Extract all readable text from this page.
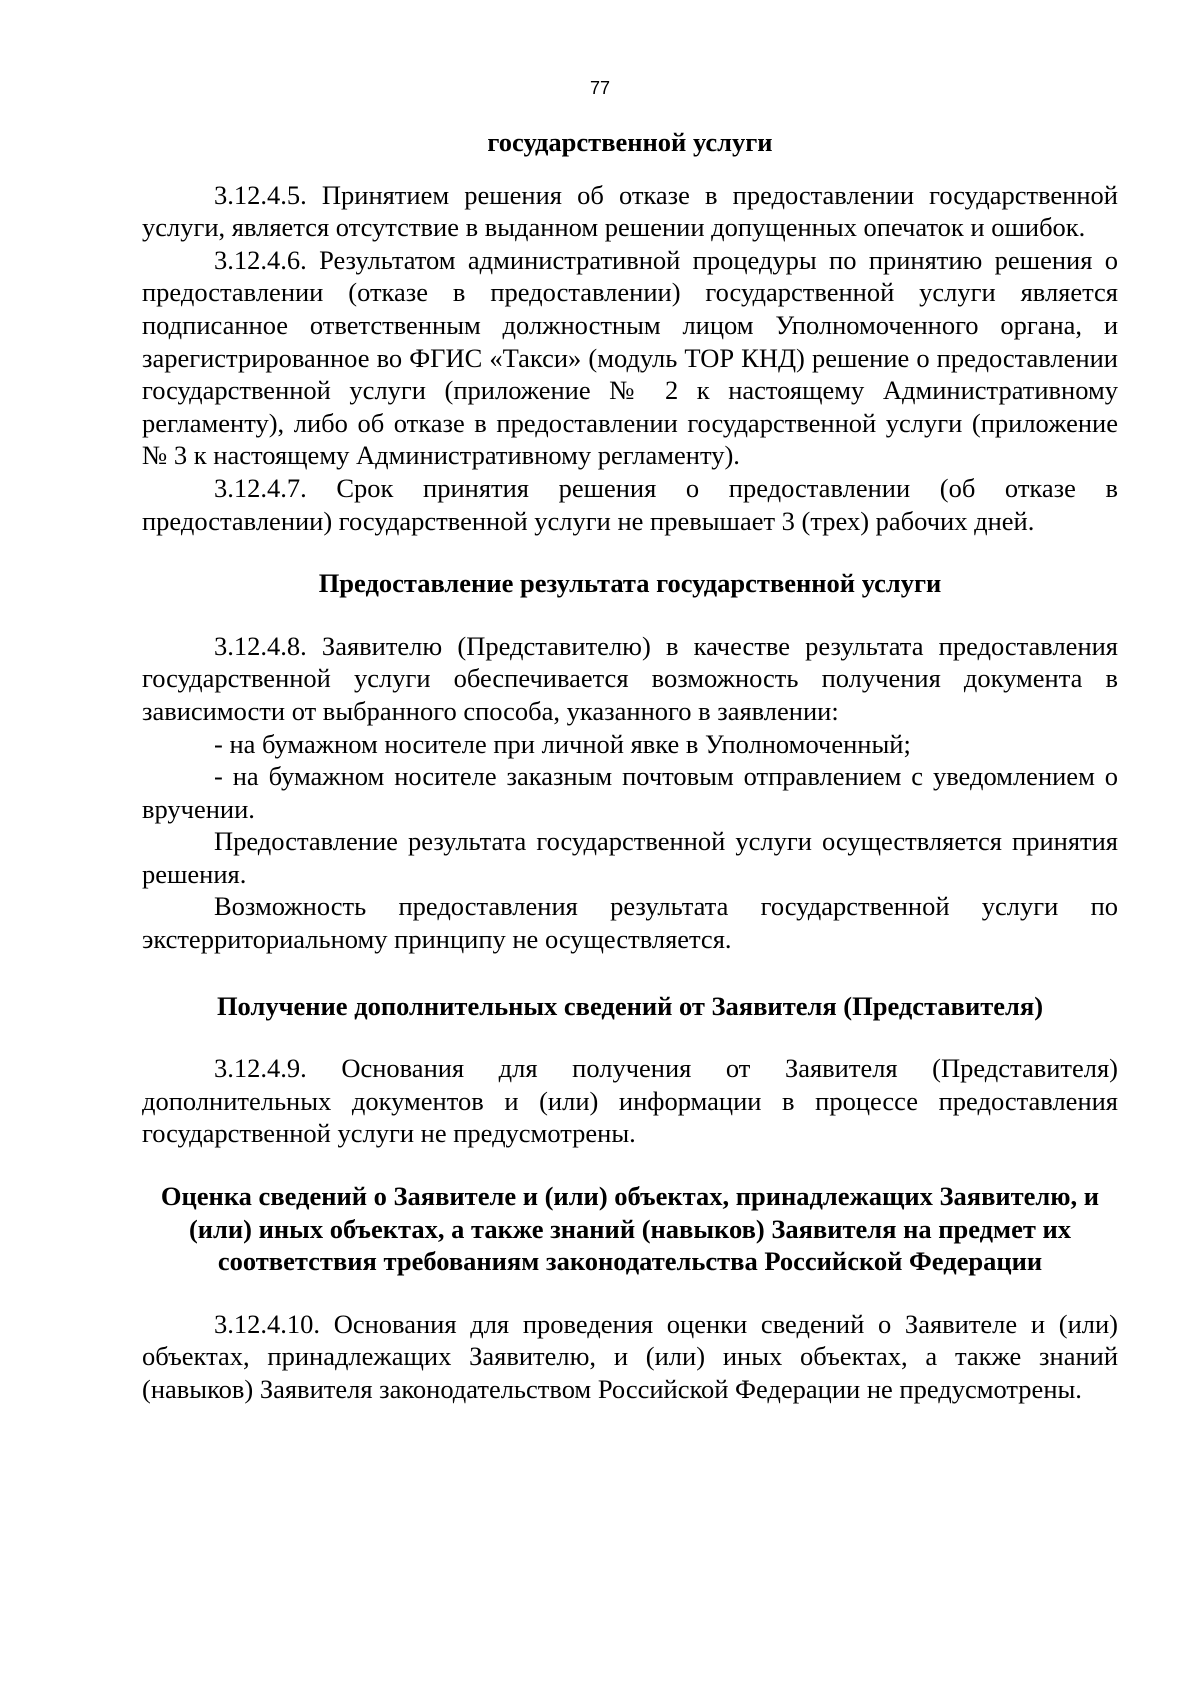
77
государственной услуги

3.12.4.5. Принятием решения об отказе в предоставлении государственной услуги, является отсутствие в выданном решении допущенных опечаток и ошибок.

3.12.4.6. Результатом административной процедуры по принятию решения о предоставлении (отказе в предоставлении) государственной услуги является подписанное ответственным должностным лицом Уполномоченного органа, и зарегистрированное во ФГИС «Такси» (модуль ТОР КНД) решение о предоставлении государственной услуги (приложение № 2 к настоящему Административному регламенту), либо об отказе в предоставлении государственной услуги (приложение № 3 к настоящему Административному регламенту).

3.12.4.7. Срок принятия решения о предоставлении (об отказе в предоставлении) государственной услуги не превышает 3 (трех) рабочих дней.

Предоставление результата государственной услуги

3.12.4.8. Заявителю (Представителю) в качестве результата предоставления государственной услуги обеспечивается возможность получения документа в зависимости от выбранного способа, указанного в заявлении:

- на бумажном носителе при личной явке в Уполномоченный;

- на бумажном носителе заказным почтовым отправлением с уведомлением о вручении.

Предоставление результата государственной услуги осуществляется принятия решения.

Возможность предоставления результата государственной услуги по экстерриториальному принципу не осуществляется.

Получение дополнительных сведений от Заявителя (Представителя)

3.12.4.9. Основания для получения от Заявителя (Представителя) дополнительных документов и (или) информации в процессе предоставления государственной услуги не предусмотрены.

Оценка сведений о Заявителе и (или) объектах, принадлежащих Заявителю, и (или) иных объектах, а также знаний (навыков) Заявителя на предмет их соответствия требованиям законодательства Российской Федерации

3.12.4.10. Основания для проведения оценки сведений о Заявителе и (или) объектах, принадлежащих Заявителю, и (или) иных объектах, а также знаний (навыков) Заявителя законодательством Российской Федерации не предусмотрены.
